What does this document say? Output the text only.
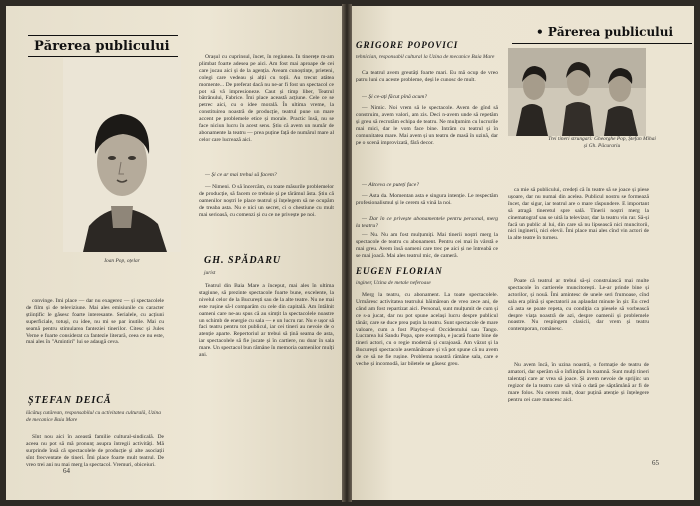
Părerea publicului
Ioan Pop, oțelar

convinge. Îmi place — dar nu exagerez — și spectacolele de film și de televiziune. Mai ales emisiunile cu caracter științific le găsesc foarte interesante. Serialele, cu acțiuni superficiale, totuși, cu idee, nu mi se par inutile. Mai cu seamă pentru stimularea fanteziei tinerilor. Citesc și Jules Verne e foarte considerat ca fantezie literară, ceea ce nu este, mai ales în "Amintiri" lui se adaugă ceva.

ȘTEFAN DEICĂ
lăcătuș cutărean, responsabilul cu activitatea culturală, Uzina de mecanice Baia Mare

Sînt nou aici în această familie cultural-sindicală. De aceea nu pot să mă pronunț asupra întregii activități. Mă surprinde însă că spectacolele de producție și alte asociații sînt frecventate de tineri. Îmi place foarte mult teatrul. De vreo trei ani nu mai merg la spectacol. Vremuri, obiceiuri.

64

Orașul cu cuprinsul, încet, în regiunea. În tinerețe m-am plimbat foarte adesea pe aici. Am fost mai aproape de cei care jucau aici și de la agenția. Aveam cunoștințe, prieteni, colegi care vedeau și alții cu toții. Au trecut atâtea momente... De preferat dacă nu ne-ar fi fost un spectacol ce pot să vă impresioneze. Caut și timp liber, Teatrul bătrânului, Fabrice. Îmi place această acțiune. Cele ce se petrec aici, cu o idee morală. În ultima vreme, la constituirea noastră de producție, teatrul pune un mare accent pe problemele etice și morale. Practic însă, nu se face niciun lucru în acest sens. Știu că avem un număr de abonamente la teatru — prea puține față de numărul mare al celor care lucrează aici.

— Și ce ar mai trebui să facem?

— Nimeni. O să încercăm, cu toate măsurile problemelor de producție, să facem ce trebuie și pe tărâmul ăsta. Știu că oamenilor noștri le place teatrul și înțelegem să ne ocupăm de treaba asta. Nu e nici un secret, ci o chestiune cu mult mai serioasă, cu comenzi și cu ce ne privește pe noi.

GH. SPĂDARU
jurist

Teatrul din Baia Mare a început, mai ales în ultima stagiune, să prezinte spectacole foarte bune, excelente, la nivelul celor de la București sau de la alte teatre. Nu ne mai este rușine să-l comparăm cu cele din capitală. Am întâlnit oameni care ne-au spus că au simțit la spectacolele noastre un schimb de energie cu sala — e un lucru rar. Nu e ușor să faci teatru pentru tot publicul, iar cei tineri au nevoie de o atenție aparte. Repertoriul ar trebui să țină seama de asta, iar spectacolele să fie jucate și în cartiere, nu doar în sala mare. Un spectacol bun rămâne în memoria oamenilor mulți ani.

GRIGORE POPOVICI
tehnician, responsabil cultural la Uzina de mecanice Baia Mare

Ca teatrul avem greutăți foarte mari. Eu mă ocup de vreo patru luni cu aceste probleme, deși le cunosc de mult.

— Și ce-ați făcut pînă acum?

— Nimic. Noi vrem să le spectacole. Avem de gînd să construim, avem valori, am zis. Deci n-avem unde să repetăm și greu să recrutăm echipa de teatru. Ne mulțumim cu lucrurile mai mici, dar le vom face bine. Intrăm cu teatrul și în comunitatea mare. Mai avem și un teatru de masă în uzină, dar pe o scenă improvizată, fără decor.

— Altceva ce puteți face?

— Asta da. Momentan asta e singura intenție. Le respectăm profesionalismul și le cerem să vină la noi.

— Dar în ce privește abonamentele pentru personal, merg la teatru?

— Nu. Nu am fost mulțumiți. Mai tinerii noștri merg la spectacole de teatru cu abonament. Pentru cei mai în vârstă e mai greu. Avem însă oameni care trec pe aici și ne întreabă ce se mai joacă. Mai ales teatrul mic, de cameră.

EUGEN FLORIAN
inginer, Uzina de metale neferoase

Merg la teatru, cu abonament. La toate spectacolele. Urmăresc activitatea teatrului băimărean de vreo zece ani, de când am fost repartizat aici. Personal, sunt mulțumit de cum și ce s-a jucat, dar nu pot spune același lucru despre publicul tânăr, care se duce prea puțin la teatru. Sunt spectacole de mare valoare, cum a fost Playboy-ul Occidentului sau Tango. Lucrarea lui Sandu Popa, spre exemplu, e jucată foarte bine de tineri actori, cu o regie modernă și curajoasă. Am văzut și la București spectacole asemănătoare și vă pot spune că nu avem de ce să ne fie rușine. Problema noastră rămâne sala, care e veche și incomodă, iar biletele se găsesc greu.

• Părerea publicului
Trei tineri strungari: Gheorghe Pop, Ștefan Mihai și Gh. Păcurariu

ca mie să publicului, credeți că în teatre să se joace și piese ușoare, dar nu numai din acelea. Publicul nostru se formează încet, dar sigur, iar teatrul are o mare răspundere. E important să atragă tineretul spre sală. Tinerii noștri merg la cinematograf sau se uită la televizor, dar la teatru vin rar. Să-și facă un public al lui, din care să nu lipsească nici muncitorii, nici inginerii, nici elevii. Îmi place mai ales cînd vin actori de la alte teatre în turneu.

Poate că teatrul ar trebui să-și construiască mai multe spectacole în cartierele muncitorești. Le-ar prinde bine și actorilor, și nouă. Îmi amintesc de unele seri frumoase, cînd sala era plină și spectatorii au aplaudat minute în șir. Eu cred că asta se poate repeta, cu condiția ca piesele să vorbească despre viața noastră de azi, despre oamenii și problemele noastre. Nu respingem clasicii, dar vrem și teatru contemporan, românesc.

Nu avem încă, în uzina noastră, o formație de teatru de amatori, dar sperăm să o înființăm în toamnă. Sunt mulți tineri talentați care ar vrea să joace. Și avem nevoie de sprijin: un regizor de la teatru care să vină o dată pe săptămână ar fi de mare folos. Nu cerem mult, doar puțină atenție și înțelegere pentru cei care muncesc aici.

65
